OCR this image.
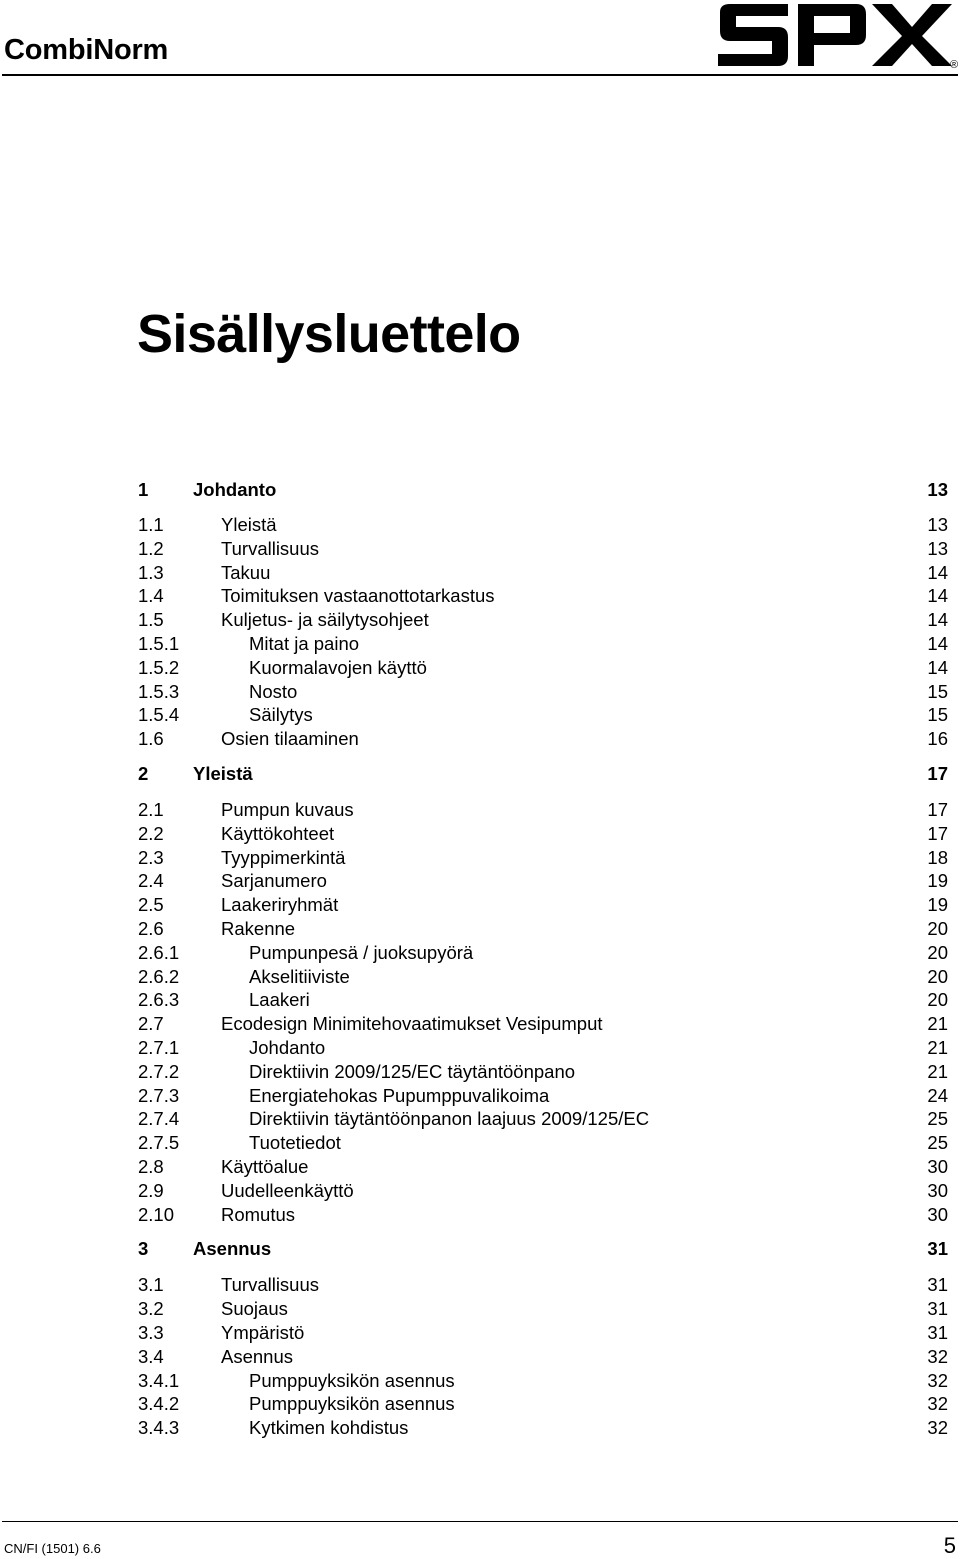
CombiNorm	®
Sisällysluettelo
1 Johdanto	13
1.1	Yleistä	13
1.2	Turvallisuus	13
1.3	Takuu	14
1.4	Toimituksen vastaanottotarkastus	14
1.5	Kuljetus- ja säilytysohjeet	14
1.5.1	Mitat ja paino	14
1.5.2	Kuormalavojen käyttö	14
1.5.3	Nosto	15
1.5.4	Säilytys	15
1.6	Osien tilaaminen	16
2 Yleistä	17
2.1	Pumpun kuvaus	17
2.2	Käyttökohteet	17
2.3	Tyyppimerkintä	18
2.4	Sarjanumero	19
2.5	Laakeriryhmät	19
2.6	Rakenne	20
2.6.1	Pumpunpesä / juoksupyörä	20
2.6.2	Akselitiiviste	20
2.6.3	Laakeri	20
2.7	Ecodesign Minimitehovaatimukset Vesipumput	21
2.7.1	Johdanto	21
2.7.2	Direktiivin 2009/125/EC täytäntöönpano	21
2.7.3	Energiatehokas Pupumppuvalikoima	24
2.7.4	Direktiivin täytäntöönpanon laajuus 2009/125/EC	25
2.7.5	Tuotetiedot	25
2.8	Käyttöalue	30
2.9	Uudelleenkäyttö	30
2.10	Romutus	30
3 Asennus	31
3.1	Turvallisuus	31
3.2	Suojaus	31
3.3	Ympäristö	31
3.4	Asennus	32
3.4.1	Pumppuyksikön asennus	32
3.4.2	Pumppuyksikön asennus	32
3.4.3	Kytkimen kohdistus	32
CN/FI (1501) 6.6	5
